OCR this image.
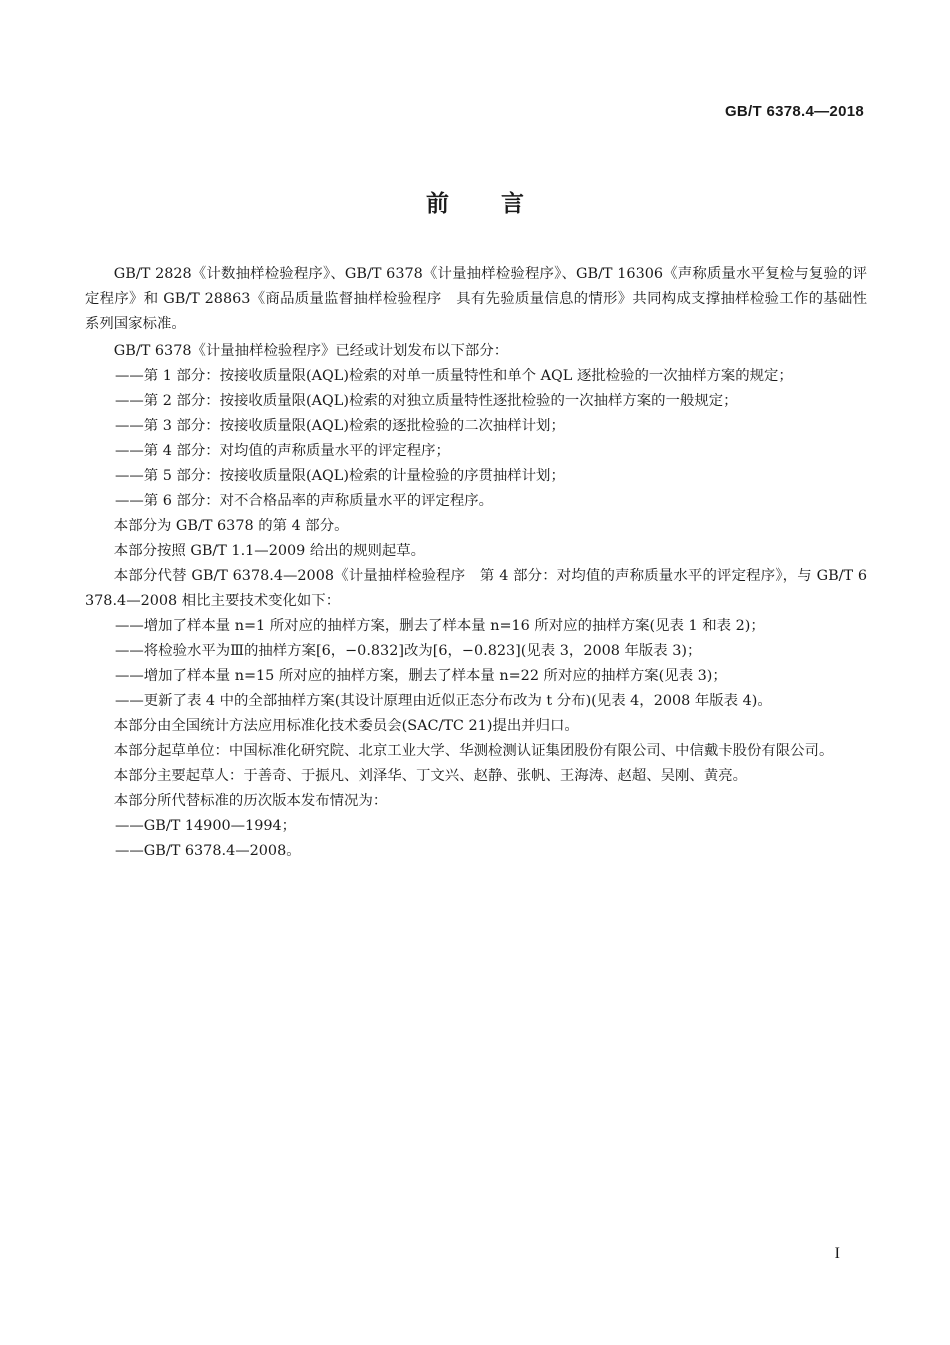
GB/T 6378.4—2018
前言

GB/T 2828《计数抽样检验程序》、GB/T 6378《计量抽样检验程序》、GB/T 16306《声称质量水平复检与复验的评定程序》和 GB/T 28863《商品质量监督抽样检验程序　具有先验质量信息的情形》共同构成支撑抽样检验工作的基础性系列国家标准。

GB/T 6378《计量抽样检验程序》已经或计划发布以下部分：

——第 1 部分：按接收质量限(AQL)检索的对单一质量特性和单个 AQL 逐批检验的一次抽样方案的规定；

——第 2 部分：按接收质量限(AQL)检索的对独立质量特性逐批检验的一次抽样方案的一般规定；

——第 3 部分：按接收质量限(AQL)检索的逐批检验的二次抽样计划；

——第 4 部分：对均值的声称质量水平的评定程序；

——第 5 部分：按接收质量限(AQL)检索的计量检验的序贯抽样计划；

——第 6 部分：对不合格品率的声称质量水平的评定程序。

本部分为 GB/T 6378 的第 4 部分。

本部分按照 GB/T 1.1—2009 给出的规则起草。

本部分代替 GB/T 6378.4—2008《计量抽样检验程序　第 4 部分：对均值的声称质量水平的评定程序》，与 GB/T 6378.4—2008 相比主要技术变化如下：

——增加了样本量 n=1 所对应的抽样方案，删去了样本量 n=16 所对应的抽样方案(见表 1 和表 2)；

——将检验水平为Ⅲ的抽样方案[6，−0.832]改为[6，−0.823](见表 3，2008 年版表 3)；

——增加了样本量 n=15 所对应的抽样方案，删去了样本量 n=22 所对应的抽样方案(见表 3)；

——更新了表 4 中的全部抽样方案(其设计原理由近似正态分布改为 t 分布)(见表 4，2008 年版表 4)。

本部分由全国统计方法应用标准化技术委员会(SAC/TC 21)提出并归口。

本部分起草单位：中国标准化研究院、北京工业大学、华测检测认证集团股份有限公司、中信戴卡股份有限公司。

本部分主要起草人：于善奇、于振凡、刘泽华、丁文兴、赵静、张帆、王海涛、赵超、吴刚、黄亮。

本部分所代替标准的历次版本发布情况为：

——GB/T 14900—1994；

——GB/T 6378.4—2008。

I
